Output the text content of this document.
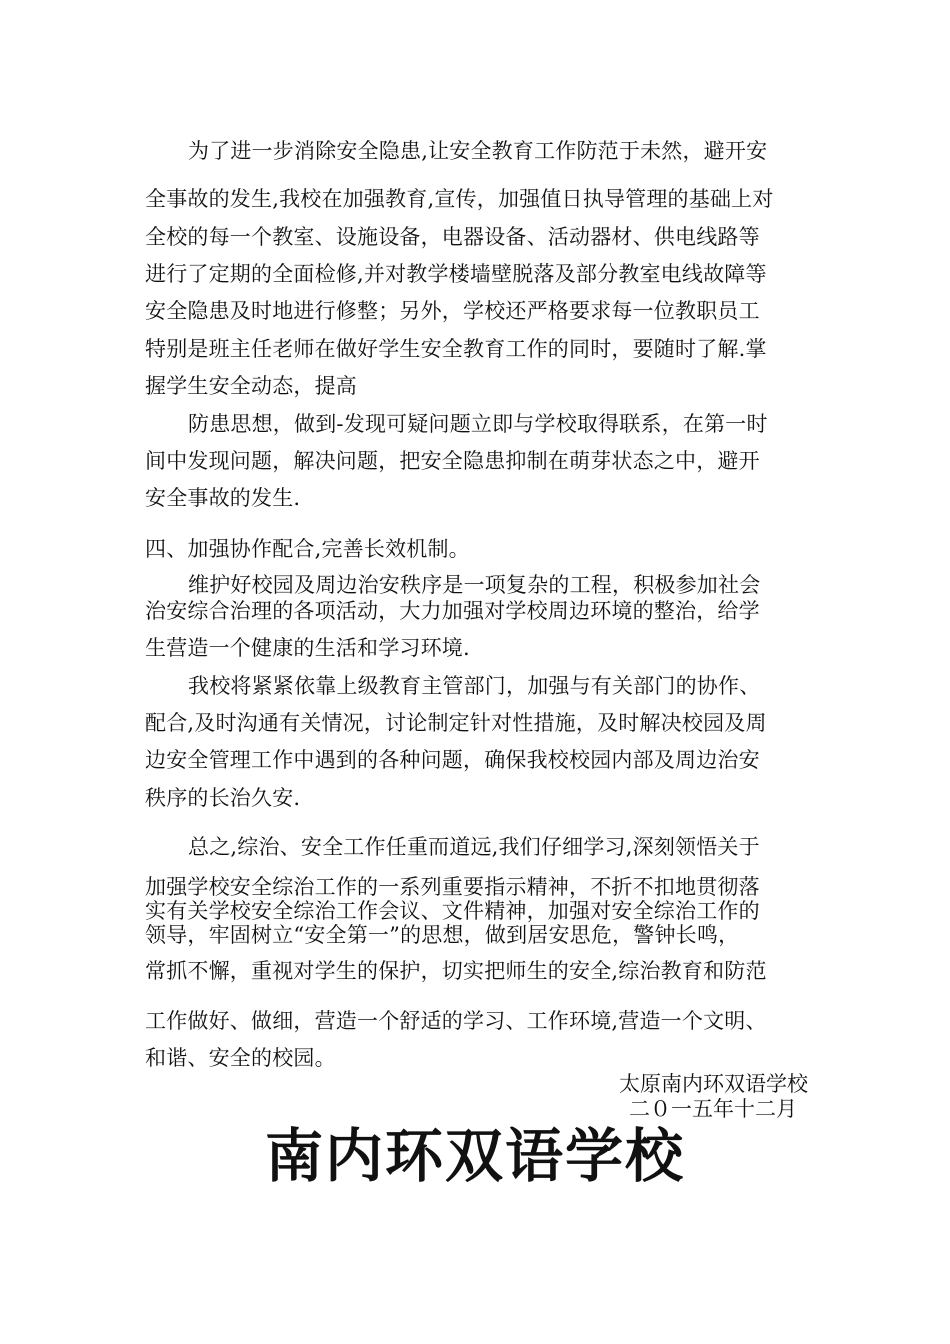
为了进一步消除安全隐患,让安全教育工作防范于未然，避开安
全事故的发生,我校在加强教育,宣传，加强值日执导管理的基础上对
全校的每一个教室、设施设备，电器设备、活动器材、供电线路等
进行了定期的全面检修,并对教学楼墙壁脱落及部分教室电线故障等
安全隐患及时地进行修整；另外，学校还严格要求每一位教职员工
特别是班主任老师在做好学生安全教育工作的同时，要随时了解.掌
握学生安全动态，提高
防患思想，做到-发现可疑问题立即与学校取得联系，在第一时
间中发现问题，解决问题，把安全隐患抑制在萌芽状态之中，避开
安全事故的发生.
四、加强协作配合,完善长效机制。
维护好校园及周边治安秩序是一项复杂的工程，积极参加社会
治安综合治理的各项活动，大力加强对学校周边环境的整治，给学
生营造一个健康的生活和学习环境.
我校将紧紧依靠上级教育主管部门，加强与有关部门的协作、
配合,及时沟通有关情况，讨论制定针对性措施，及时解决校园及周
边安全管理工作中遇到的各种问题，确保我校校园内部及周边治安
秩序的长治久安.
总之,综治、安全工作任重而道远,我们仔细学习,深刻领悟关于
加强学校安全综治工作的一系列重要指示精神，不折不扣地贯彻落
实有关学校安全综治工作会议、文件精神，加强对安全综治工作的
领导，牢固树立“安全第一”的思想，做到居安思危，警钟长鸣，
常抓不懈，重视对学生的保护，切实把师生的安全,综治教育和防范
工作做好、做细，营造一个舒适的学习、工作环境,营造一个文明、
和谐、安全的校园。
太原南内环双语学校
二０一五年十二月
南内环双语学校
